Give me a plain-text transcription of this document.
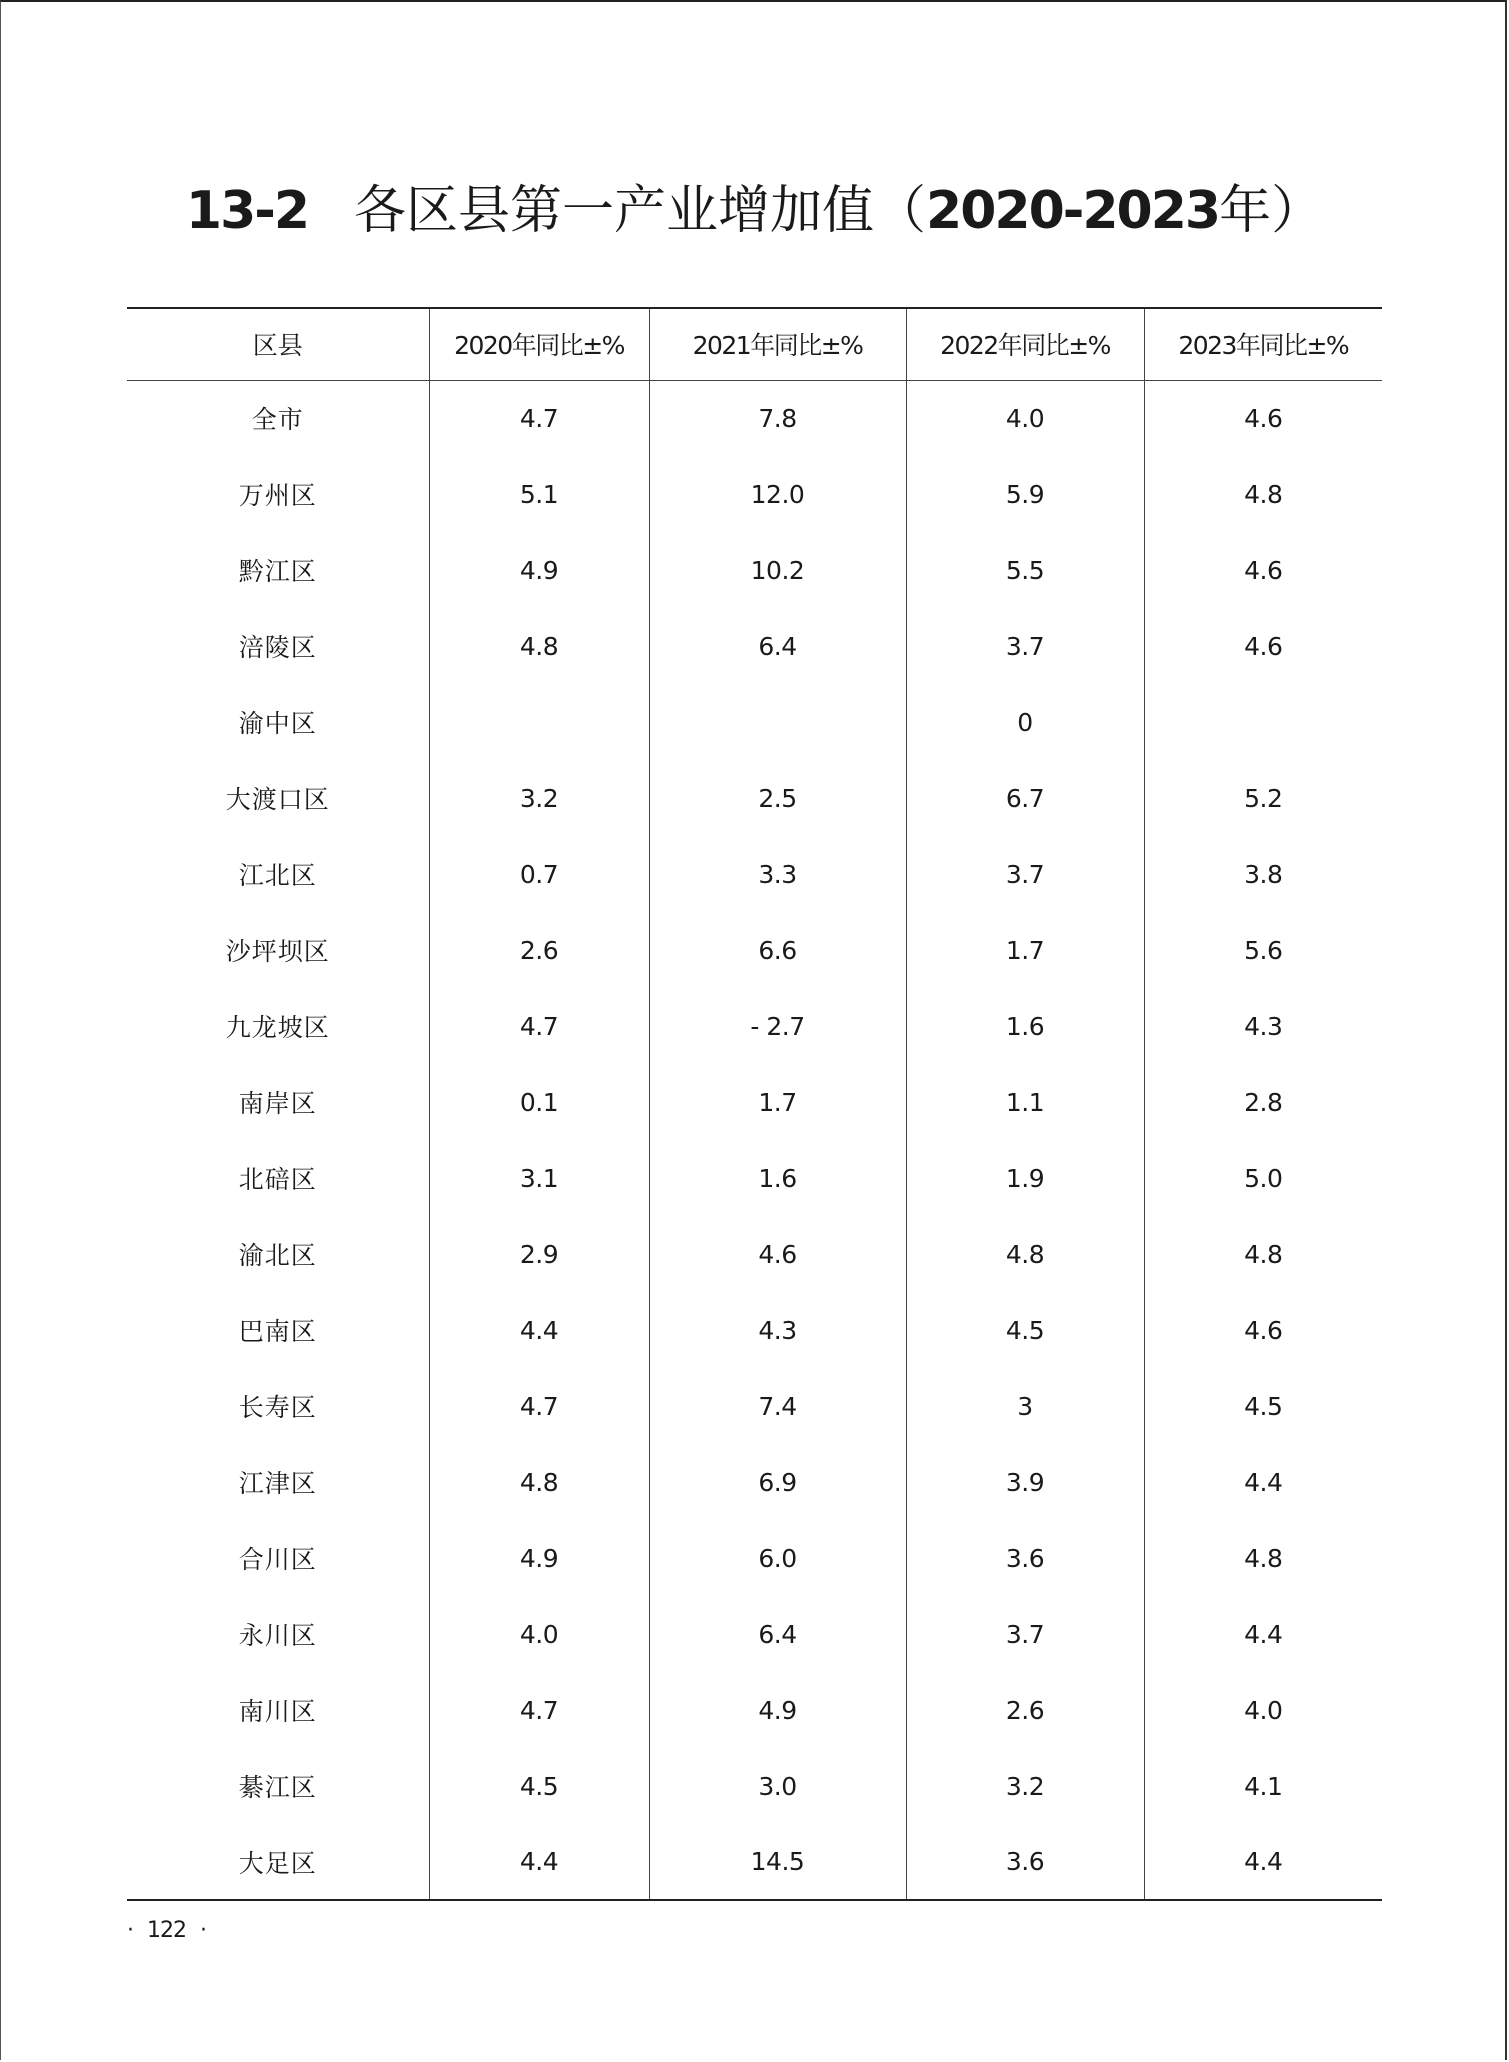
13-2 各区县第一产业增加值（2020-2023年）
区县	2020年同比±%	2021年同比±%	2022年同比±%	2023年同比±%
全市	4.7	7.8	4.0	4.6
万州区	5.1	12.0	5.9	4.8
黔江区	4.9	10.2	5.5	4.6
涪陵区	4.8	6.4	3.7	4.6
渝中区			0	
大渡口区	3.2	2.5	6.7	5.2
江北区	0.7	3.3	3.7	3.8
沙坪坝区	2.6	6.6	1.7	5.6
九龙坡区	4.7	- 2.7	1.6	4.3
南岸区	0.1	1.7	1.1	2.8
北碚区	3.1	1.6	1.9	5.0
渝北区	2.9	4.6	4.8	4.8
巴南区	4.4	4.3	4.5	4.6
长寿区	4.7	7.4	3	4.5
江津区	4.8	6.9	3.9	4.4
合川区	4.9	6.0	3.6	4.8
永川区	4.0	6.4	3.7	4.4
南川区	4.7	4.9	2.6	4.0
綦江区	4.5	3.0	3.2	4.1
大足区	4.4	14.5	3.6	4.4
· 122 ·
